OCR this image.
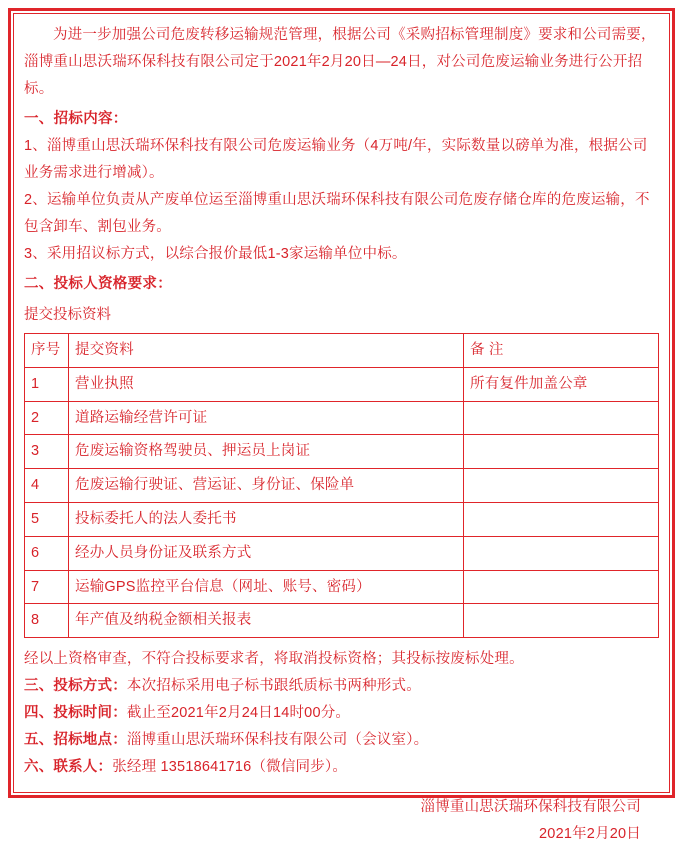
为进一步加强公司危废转移运输规范管理，根据公司《采购招标管理制度》要求和公司需要，淄博重山思沃瑞环保科技有限公司定于2021年2月20日—24日，对公司危废运输业务进行公开招标。

一、招标内容：

1、淄博重山思沃瑞环保科技有限公司危废运输业务（4万吨/年，实际数量以磅单为准，根据公司业务需求进行增减）。

2、运输单位负责从产废单位运至淄博重山思沃瑞环保科技有限公司危废存储仓库的危废运输，不包含卸车、割包业务。

3、采用招议标方式，以综合报价最低1-3家运输单位中标。

二、投标人资格要求：

提交投标资料

序号	提交资料	备 注
1	营业执照	所有复件加盖公章
2	道路运输经营许可证	
3	危废运输资格驾驶员、押运员上岗证	
4	危废运输行驶证、营运证、身份证、保险单	
5	投标委托人的法人委托书	
6	经办人员身份证及联系方式	
7	运输GPS监控平台信息（网址、账号、密码）	
8	年产值及纳税金额相关报表	

经以上资格审查，不符合投标要求者，将取消投标资格；其投标按废标处理。

三、投标方式：本次招标采用电子标书跟纸质标书两种形式。

四、投标时间：截止至2021年2月24日14时00分。

五、招标地点：淄博重山思沃瑞环保科技有限公司（会议室）。

六、联系人：张经理 13518641716（微信同步）。

淄博重山思沃瑞环保科技有限公司

2021年2月20日
